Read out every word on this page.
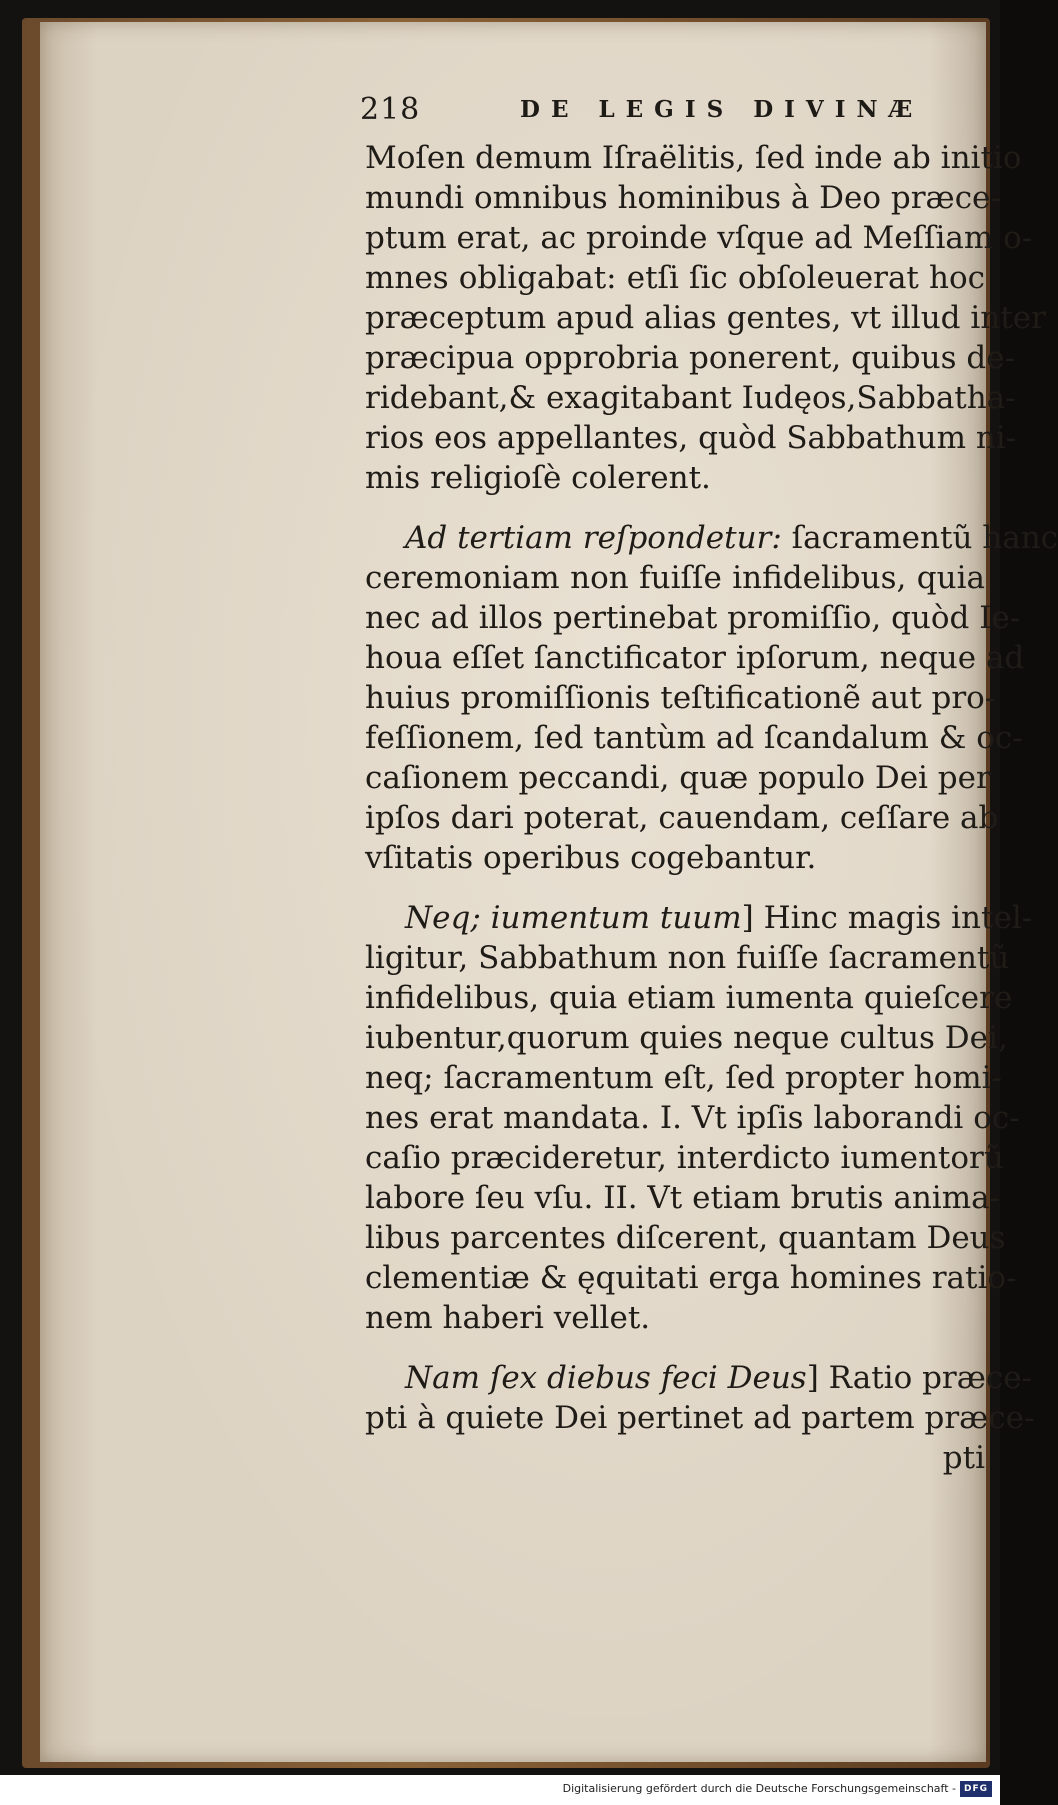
218	DE LEGIS DIVINÆ
Moſen demum Iſraëlitis, ſed inde ab initio
mundi omnibus hominibus à Deo præce-
ptum erat, ac proinde vſque ad Meſſiam o-
mnes obligabat: etſi ſic obſoleuerat hoc
præceptum apud alias gentes, vt illud inter
præcipua opprobria ponerent, quibus de-
ridebant,& exagitabant Iudęos,Sabbatha-
rios eos appellantes, quòd Sabbathum ni-
mis religioſè colerent.
Ad tertiam reſpondetur: ſacramentũ hanc
ceremoniam non fuiſſe infidelibus, quia
nec ad illos pertinebat promiſſio, quòd Ie-
houa eſſet ſanctificator ipſorum, neque ad
huius promiſſionis teſtificationẽ aut pro-
feſſionem, ſed tantùm ad ſcandalum & oc-
caſionem peccandi, quæ populo Dei per
ipſos dari poterat, cauendam, ceſſare ab
vſitatis operibus cogebantur.
Neq; iumentum tuum] Hinc magis intel-
ligitur, Sabbathum non fuiſſe ſacramentũ
infidelibus, quia etiam iumenta quieſcere
iubentur,quorum quies neque cultus Dei,
neq; ſacramentum eſt, ſed propter homi-
nes erat mandata. I. Vt ipſis laborandi oc-
caſio præcideretur, interdicto iumentorũ
labore ſeu vſu. II. Vt etiam brutis anima-
libus parcentes diſcerent, quantam Deus
clementiæ & ęquitati erga homines ratio-
nem haberi vellet.
Nam ſex diebus feci Deus] Ratio præce-
pti à quiete Dei pertinet ad partem præce-
pti
Digitalisierung gefördert durch die Deutsche Forschungsgemeinschaft - DFG
